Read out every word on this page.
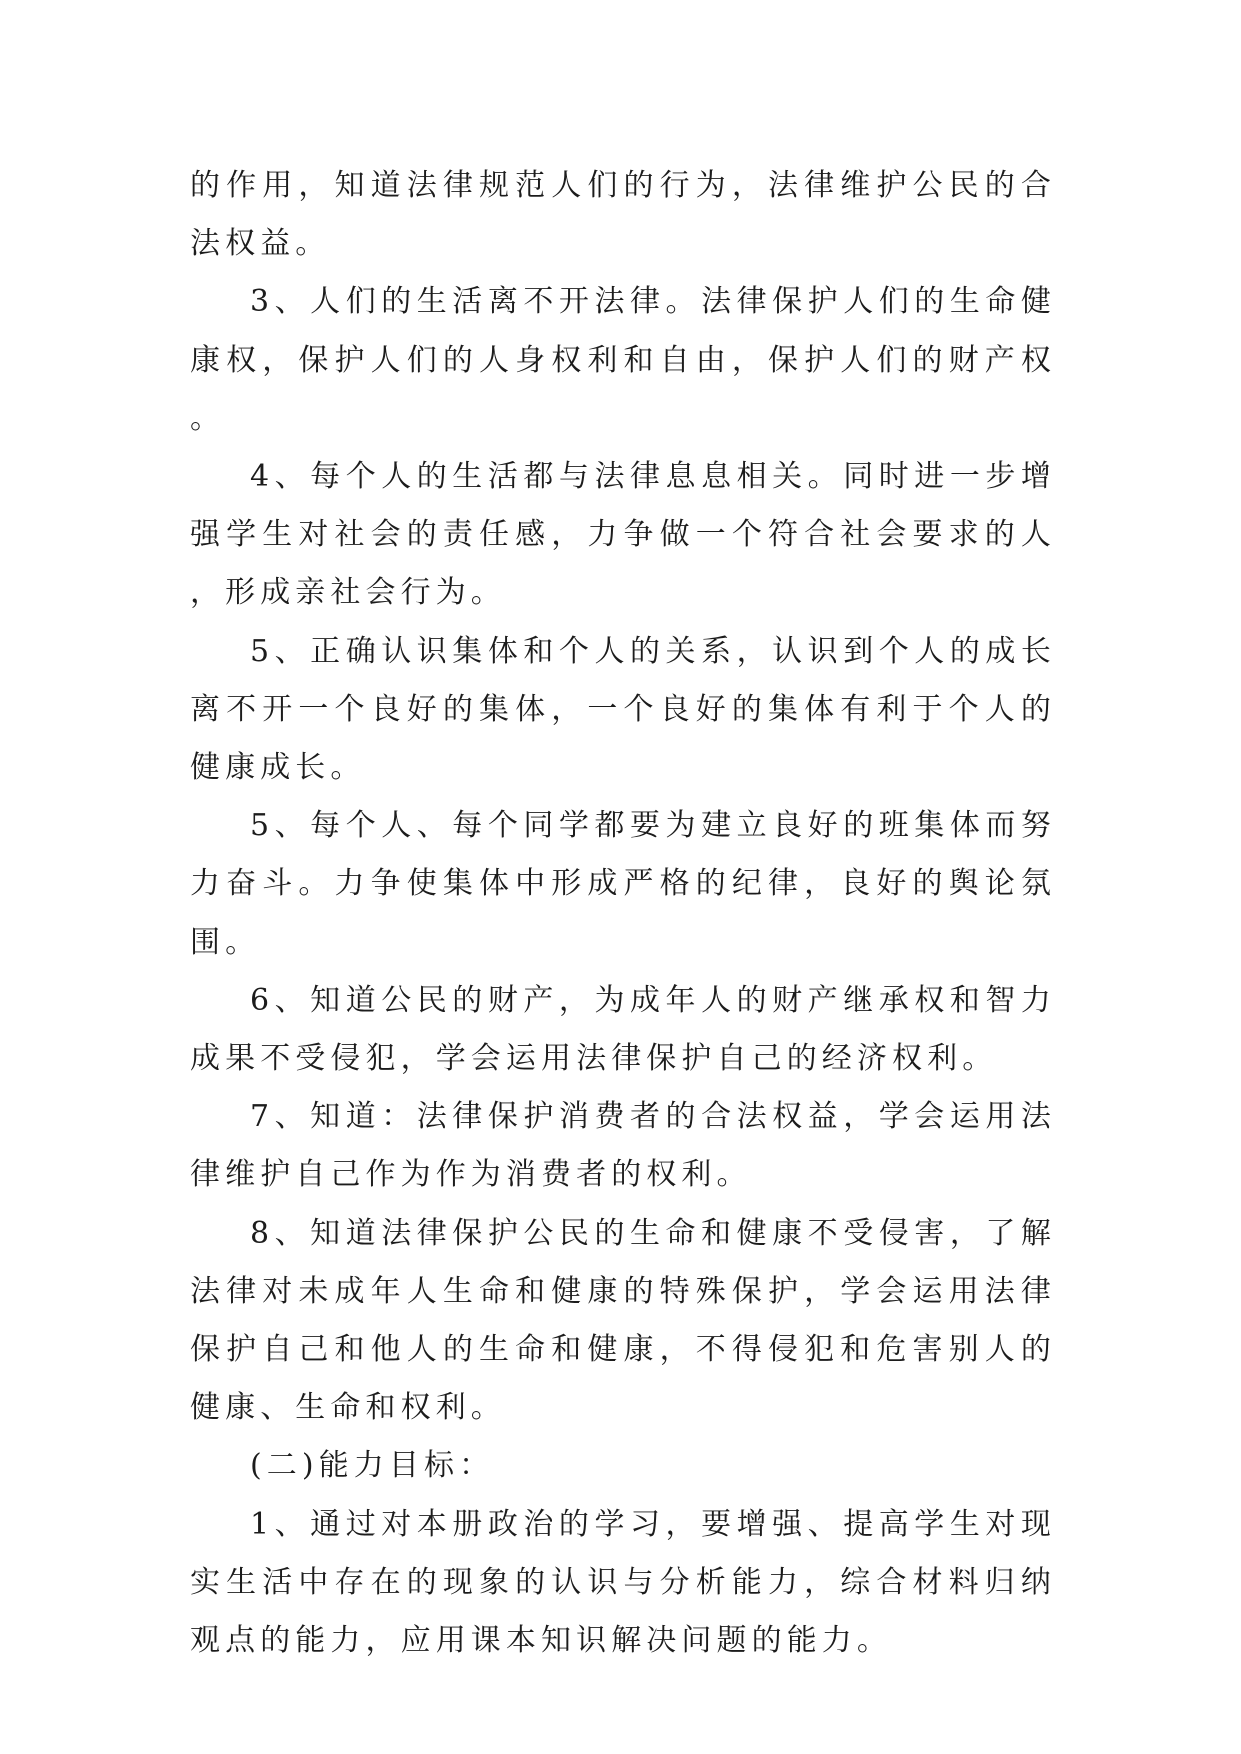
的作用，知道法律规范人们的行为，法律维护公民的合法权益。

3、人们的生活离不开法律。法律保护人们的生命健康权，保护人们的人身权利和自由，保护人们的财产权。

4、每个人的生活都与法律息息相关。同时进一步增强学生对社会的责任感，力争做一个符合社会要求的人，形成亲社会行为。

5、正确认识集体和个人的关系，认识到个人的成长离不开一个良好的集体，一个良好的集体有利于个人的健康成长。

5、每个人、每个同学都要为建立良好的班集体而努力奋斗。力争使集体中形成严格的纪律，良好的舆论氛围。

6、知道公民的财产，为成年人的财产继承权和智力成果不受侵犯，学会运用法律保护自己的经济权利。

7、知道：法律保护消费者的合法权益，学会运用法律维护自己作为作为消费者的权利。

8、知道法律保护公民的生命和健康不受侵害，了解法律对未成年人生命和健康的特殊保护，学会运用法律保护自己和他人的生命和健康，不得侵犯和危害别人的健康、生命和权利。

(二)能力目标：

1、通过对本册政治的学习，要增强、提高学生对现实生活中存在的现象的认识与分析能力，综合材料归纳观点的能力，应用课本知识解决问题的能力。
